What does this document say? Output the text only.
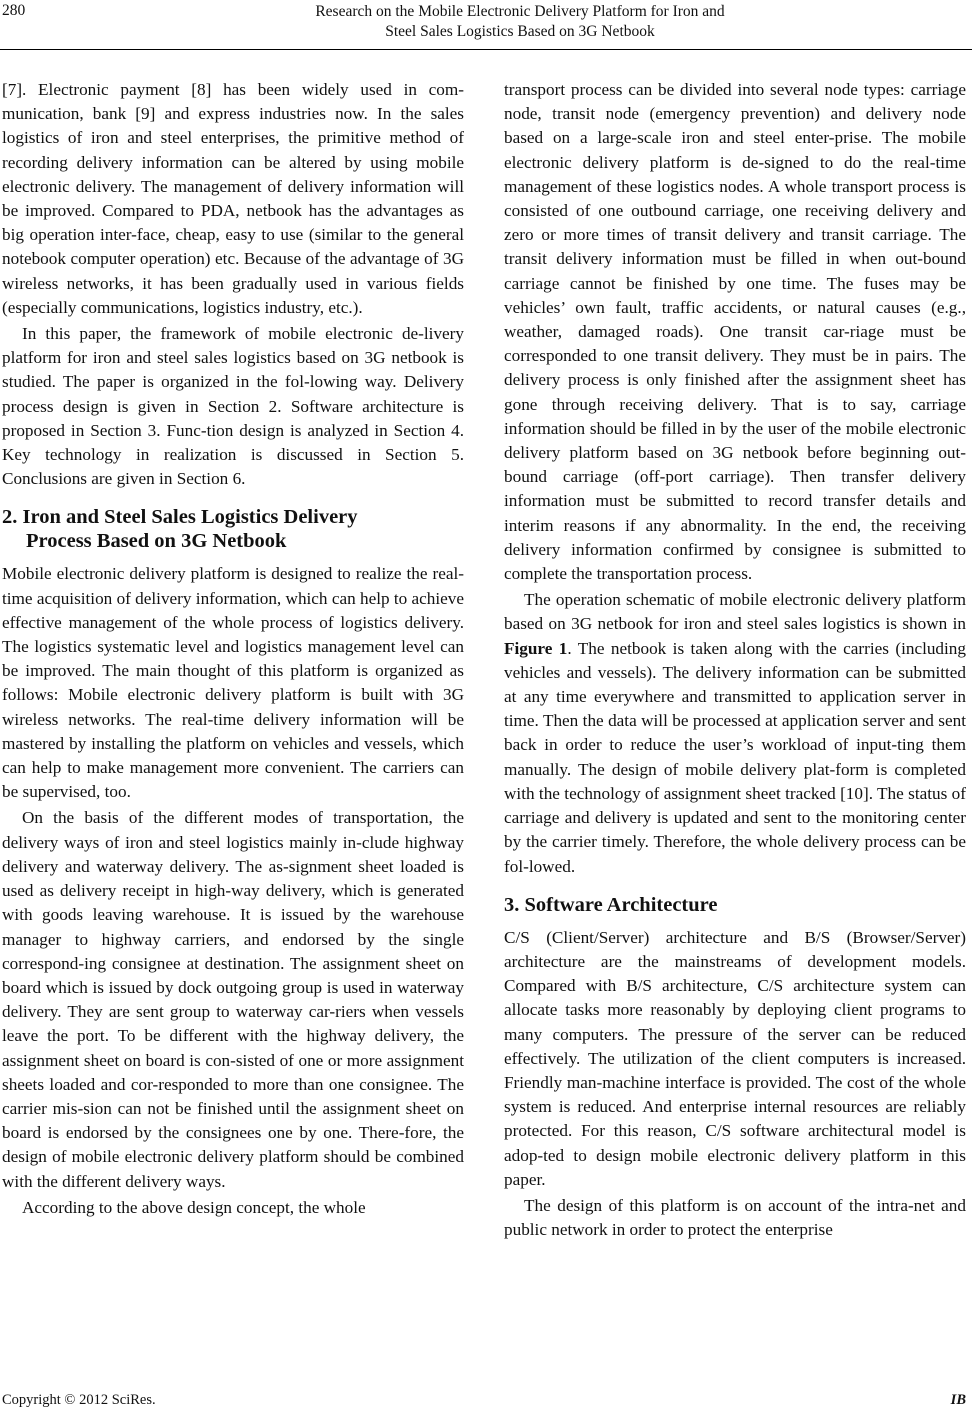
280	Research on the Mobile Electronic Delivery Platform for Iron and
Steel Sales Logistics Based on 3G Netbook

[7]. Electronic payment [8] has been widely used in com-munication, bank [9] and express industries now. In the sales logistics of iron and steel enterprises, the primitive method of recording delivery information can be altered by using mobile electronic delivery. The management of delivery information will be improved. Compared to PDA, netbook has the advantages as big operation inter-face, cheap, easy to use (similar to the general notebook computer operation) etc. Because of the advantage of 3G wireless networks, it has been gradually used in various fields (especially communications, logistics industry, etc.).

In this paper, the framework of mobile electronic de-livery platform for iron and steel sales logistics based on 3G netbook is studied. The paper is organized in the fol-lowing way. Delivery process design is given in Section 2. Software architecture is proposed in Section 3. Func-tion design is analyzed in Section 4. Key technology in realization is discussed in Section 5. Conclusions are given in Section 6.

2. Iron and Steel Sales Logistics Delivery
Process Based on 3G Netbook

Mobile electronic delivery platform is designed to realize the real-time acquisition of delivery information, which can help to achieve effective management of the whole process of logistics delivery. The logistics systematic level and logistics management level can be improved. The main thought of this platform is organized as follows: Mobile electronic delivery platform is built with 3G wireless networks. The real-time delivery information will be mastered by installing the platform on vehicles and vessels, which can help to make management more convenient. The carriers can be supervised, too.

On the basis of the different modes of transportation, the delivery ways of iron and steel logistics mainly in-clude highway delivery and waterway delivery. The as-signment sheet loaded is used as delivery receipt in high-way delivery, which is generated with goods leaving warehouse. It is issued by the warehouse manager to highway carriers, and endorsed by the single correspond-ing consignee at destination. The assignment sheet on board which is issued by dock outgoing group is used in waterway delivery. They are sent group to waterway car-riers when vessels leave the port. To be different with the highway delivery, the assignment sheet on board is con-sisted of one or more assignment sheets loaded and cor-responded to more than one consignee. The carrier mis-sion can not be finished until the assignment sheet on board is endorsed by the consignees one by one. There-fore, the design of mobile electronic delivery platform should be combined with the different delivery ways.

According to the above design concept, the whole

transport process can be divided into several node types: carriage node, transit node (emergency prevention) and delivery node based on a large-scale iron and steel enter-prise. The mobile electronic delivery platform is de-signed to do the real-time management of these logistics nodes. A whole transport process is consisted of one outbound carriage, one receiving delivery and zero or more times of transit delivery and transit carriage. The transit delivery information must be filled in when out-bound carriage cannot be finished by one time. The fuses may be vehicles’ own fault, traffic accidents, or natural causes (e.g., weather, damaged roads). One transit car-riage must be corresponded to one transit delivery. They must be in pairs. The delivery process is only finished after the assignment sheet has gone through receiving delivery. That is to say, carriage information should be filled in by the user of the mobile electronic delivery platform based on 3G netbook before beginning out-bound carriage (off-port carriage). Then transfer delivery information must be submitted to record transfer details and interim reasons if any abnormality. In the end, the receiving delivery information confirmed by consignee is submitted to complete the transportation process.

The operation schematic of mobile electronic delivery platform based on 3G netbook for iron and steel sales logistics is shown in Figure 1. The netbook is taken along with the carries (including vehicles and vessels). The delivery information can be submitted at any time everywhere and transmitted to application server in time. Then the data will be processed at application server and sent back in order to reduce the user’s workload of input-ting them manually. The design of mobile delivery plat-form is completed with the technology of assignment sheet tracked [10]. The status of carriage and delivery is updated and sent to the monitoring center by the carrier timely. Therefore, the whole delivery process can be fol-lowed.

3. Software Architecture

C/S (Client/Server) architecture and B/S (Browser/Server) architecture are the mainstreams of development models. Compared with B/S architecture, C/S architecture system can allocate tasks more reasonably by deploying client programs to many computers. The pressure of the server can be reduced effectively. The utilization of the client computers is increased. Friendly man-machine interface is provided. The cost of the whole system is reduced. And enterprise internal resources are reliably protected. For this reason, C/S software architectural model is adop-ted to design mobile electronic delivery platform in this paper.

The design of this platform is on account of the intra-net and public network in order to protect the enterprise

Copyright © 2012 SciRes.	IB
